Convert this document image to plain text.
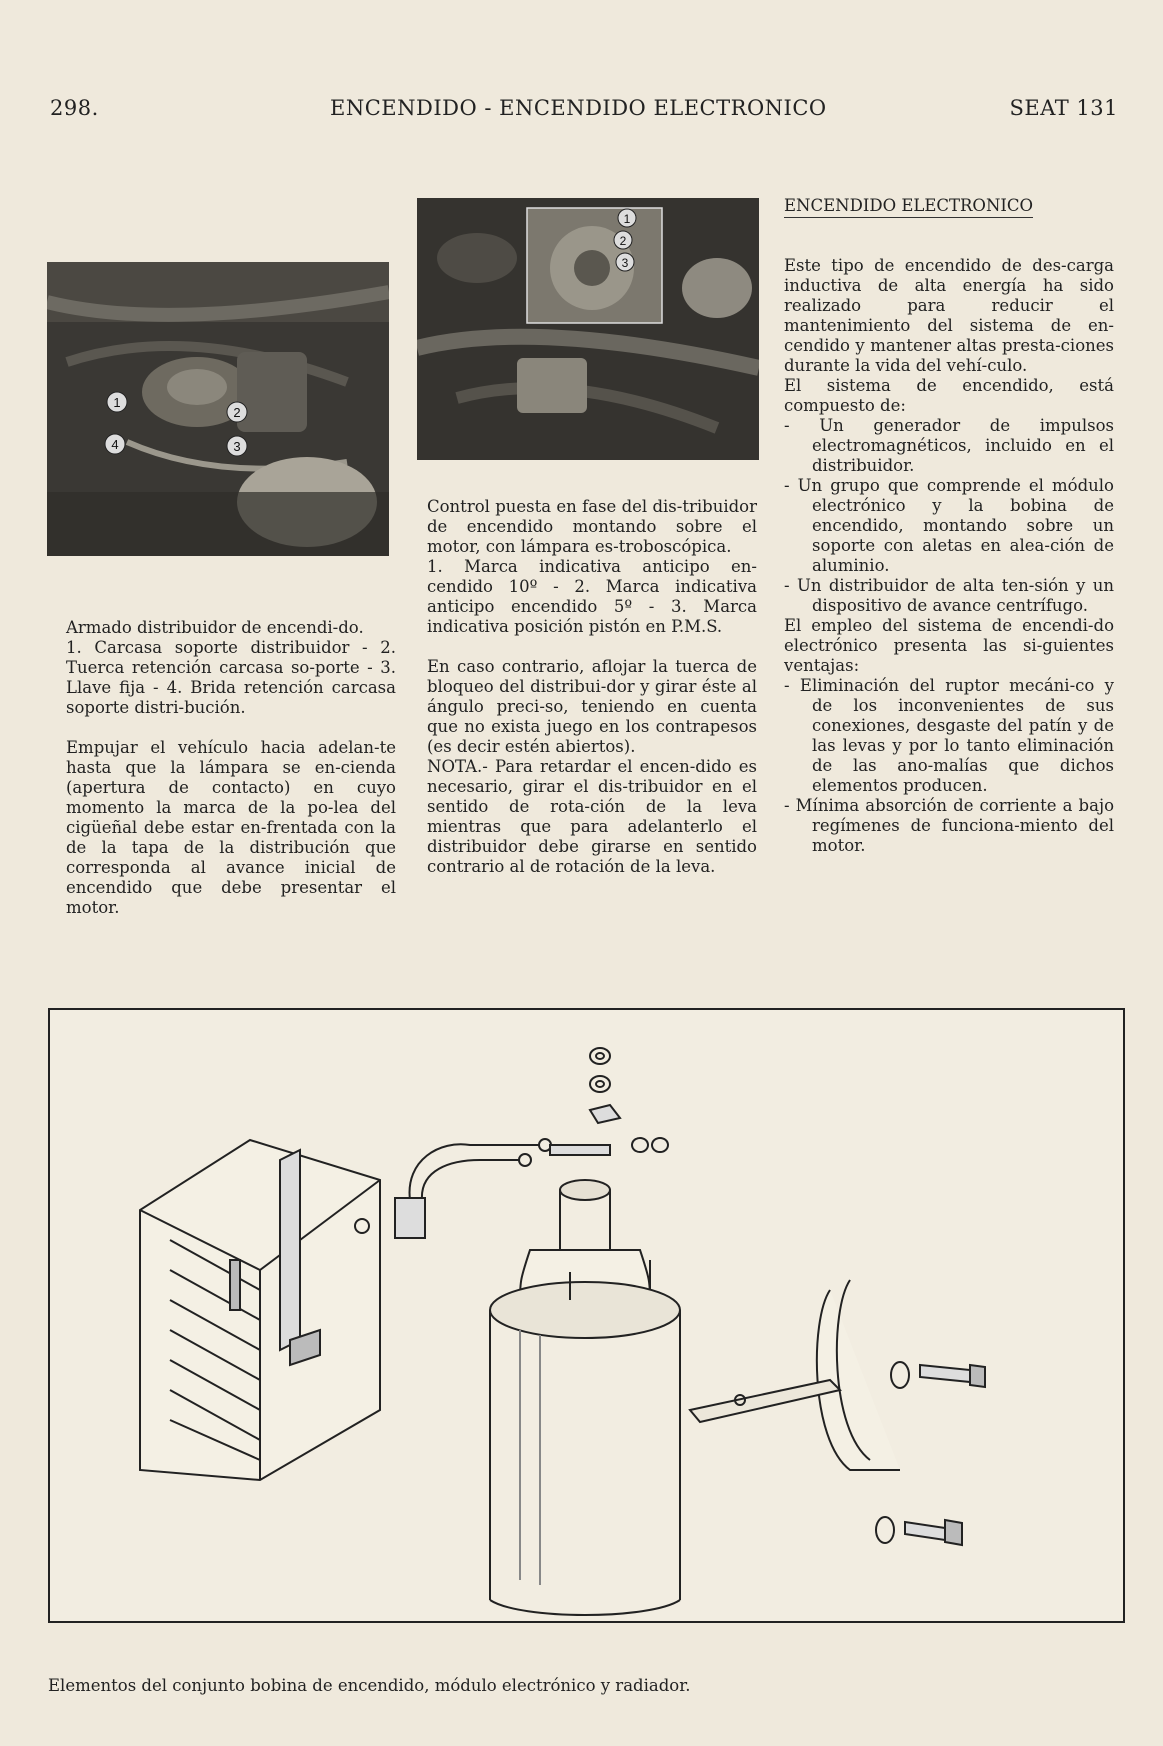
298.	ENCENDIDO - ENCENDIDO ELECTRONICO	SEAT 131
1
2
3
4
1
2
3

Armado distribuidor de encendi-do.

1. Carcasa soporte distribuidor - 2. Tuerca retención carcasa so-porte - 3. Llave fija - 4. Brida retención carcasa soporte distri-bución.

Empujar el vehículo hacia adelan-te hasta que la lámpara se en-cienda (apertura de contacto) en cuyo momento la marca de la po-lea del cigüeñal debe estar en-frentada con la de la tapa de la distribución que corresponda al avance inicial de encendido que debe presentar el motor.

Control puesta en fase del dis-tribuidor de encendido montando sobre el motor, con lámpara es-troboscópica.

1. Marca indicativa anticipo en-cendido 10º - 2. Marca indicativa anticipo encendido 5º - 3. Marca indicativa posición pistón en P.M.S.

En caso contrario, aflojar la tuerca de bloqueo del distribui-dor y girar éste al ángulo preci-so, teniendo en cuenta que no exista juego en los contrapesos (es decir estén abiertos).

NOTA.- Para retardar el encen-dido es necesario, girar el dis-tribuidor en el sentido de rota-ción de la leva mientras que para adelanterlo el distribuidor debe girarse en sentido contrario al de rotación de la leva.

ENCENDIDO ELECTRONICO

Este tipo de encendido de des-carga inductiva de alta energía ha sido realizado para reducir el mantenimiento del sistema de en-cendido y mantener altas presta-ciones durante la vida del vehí-culo.

El sistema de encendido, está compuesto de:

- Un generador de impulsos electromagnéticos, incluido en el distribuidor.

- Un grupo que comprende el módulo electrónico y la bobina de encendido, montando sobre un soporte con aletas en alea-ción de aluminio.

- Un distribuidor de alta ten-sión y un dispositivo de avance centrífugo.

El empleo del sistema de encendi-do electrónico presenta las si-guientes ventajas:

- Eliminación del ruptor mecáni-co y de los inconvenientes de sus conexiones, desgaste del patín y de las levas y por lo tanto eliminación de las ano-malías que dichos elementos producen.

- Mínima absorción de corriente a bajo regímenes de funciona-miento del motor.

Elementos del conjunto bobina de encendido, módulo electrónico y radiador.
